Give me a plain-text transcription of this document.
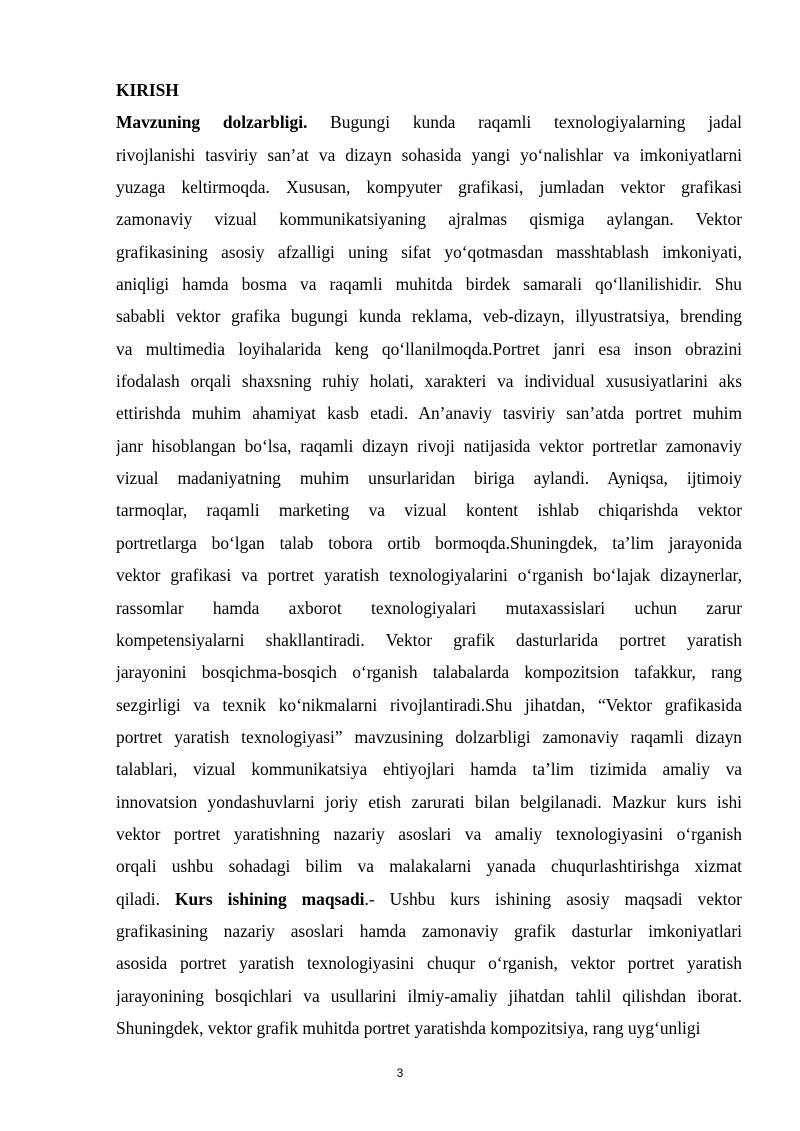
KIRISH
Mavzuning dolzarbligi. Bugungi kunda raqamli texnologiyalarning jadal
rivojlanishi tasviriy san’at va dizayn sohasida yangi yo‘nalishlar va imkoniyatlarni
yuzaga keltirmoqda. Xususan, kompyuter grafikasi, jumladan vektor grafikasi
zamonaviy vizual kommunikatsiyaning ajralmas qismiga aylangan. Vektor
grafikasining asosiy afzalligi uning sifat yo‘qotmasdan masshtablash imkoniyati,
aniqligi hamda bosma va raqamli muhitda birdek samarali qo‘llanilishidir. Shu
sababli vektor grafika bugungi kunda reklama, veb-dizayn, illyustratsiya, brending
va multimedia loyihalarida keng qo‘llanilmoqda.Portret janri esa inson obrazini
ifodalash orqali shaxsning ruhiy holati, xarakteri va individual xususiyatlarini aks
ettirishda muhim ahamiyat kasb etadi. An’anaviy tasviriy san’atda portret muhim
janr hisoblangan bo‘lsa, raqamli dizayn rivoji natijasida vektor portretlar zamonaviy
vizual madaniyatning muhim unsurlaridan biriga aylandi. Ayniqsa, ijtimoiy
tarmoqlar, raqamli marketing va vizual kontent ishlab chiqarishda vektor
portretlarga bo‘lgan talab tobora ortib bormoqda.Shuningdek, ta’lim jarayonida
vektor grafikasi va portret yaratish texnologiyalarini o‘rganish bo‘lajak dizaynerlar,
rassomlar hamda axborot texnologiyalari mutaxassislari uchun zarur
kompetensiyalarni shakllantiradi. Vektor grafik dasturlarida portret yaratish
jarayonini bosqichma-bosqich o‘rganish talabalarda kompozitsion tafakkur, rang
sezgirligi va texnik ko‘nikmalarni rivojlantiradi.Shu jihatdan, “Vektor grafikasida
portret yaratish texnologiyasi” mavzusining dolzarbligi zamonaviy raqamli dizayn
talablari, vizual kommunikatsiya ehtiyojlari hamda ta’lim tizimida amaliy va
innovatsion yondashuvlarni joriy etish zarurati bilan belgilanadi. Mazkur kurs ishi
vektor portret yaratishning nazariy asoslari va amaliy texnologiyasini o‘rganish
orqali ushbu sohadagi bilim va malakalarni yanada chuqurlashtirishga xizmat
qiladi. Kurs ishining maqsadi.- Ushbu kurs ishining asosiy maqsadi vektor
grafikasining nazariy asoslari hamda zamonaviy grafik dasturlar imkoniyatlari
asosida portret yaratish texnologiyasini chuqur o‘rganish, vektor portret yaratish
jarayonining bosqichlari va usullarini ilmiy-amaliy jihatdan tahlil qilishdan iborat.
Shuningdek, vektor grafik muhitda portret yaratishda kompozitsiya, rang uyg‘unligi
3
